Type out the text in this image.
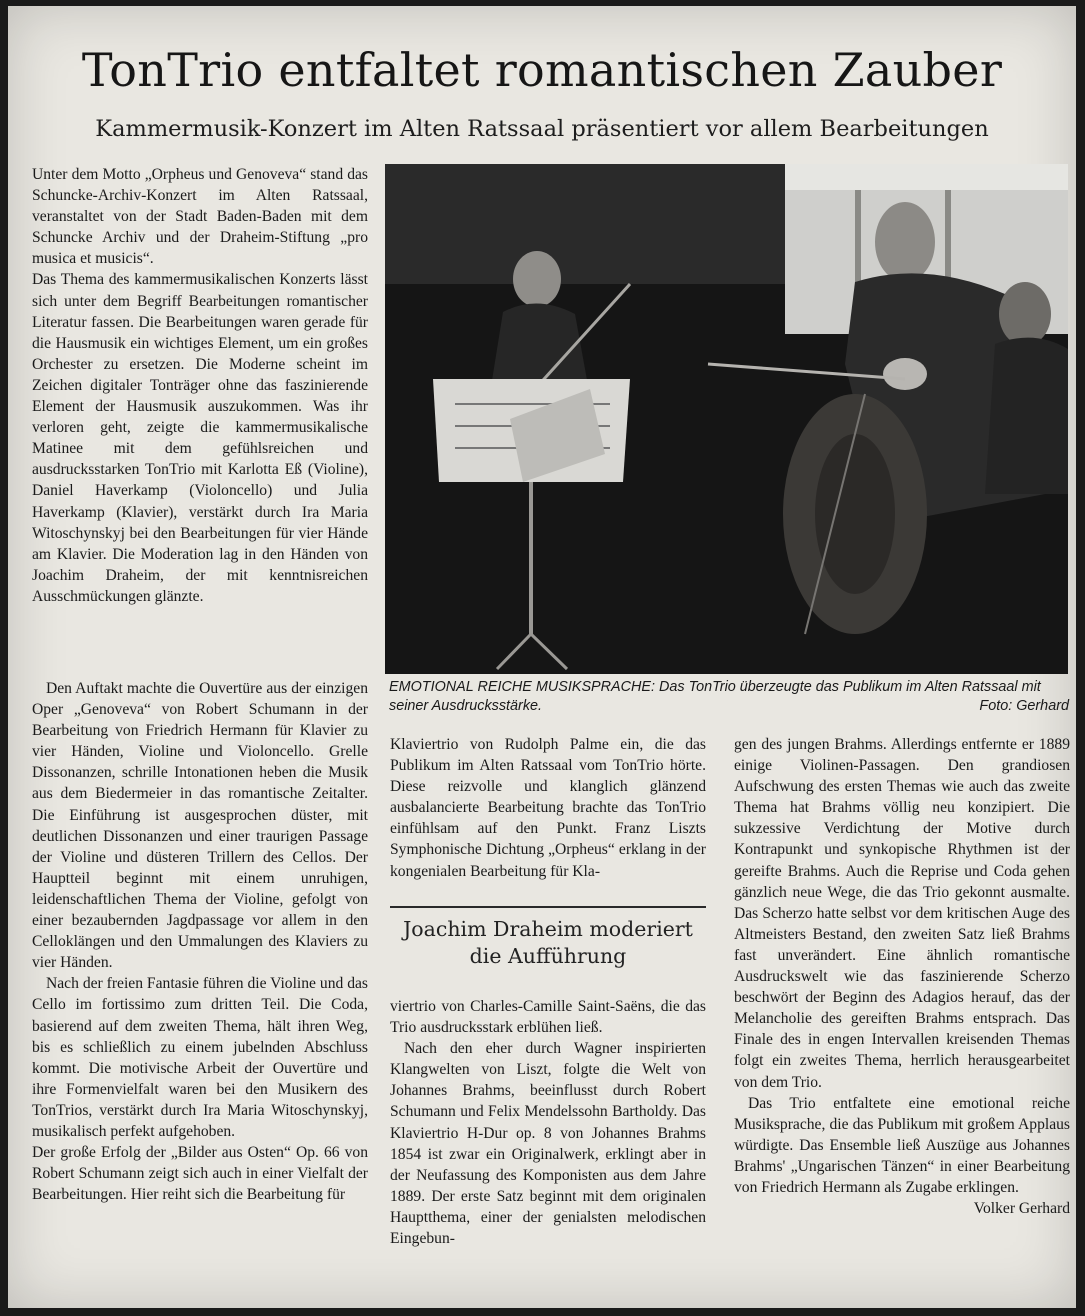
TonTrio entfaltet romantischen Zauber
Kammermusik-Konzert im Alten Ratssaal präsentiert vor allem Bearbeitungen

Unter dem Motto „Orpheus und Genoveva“ stand das Schuncke-Archiv-Konzert im Alten Ratssaal, veranstaltet von der Stadt Baden-Baden mit dem Schuncke Archiv und der Draheim-Stiftung „pro musica et musicis“.

Das Thema des kammermusikalischen Konzerts lässt sich unter dem Begriff Bearbeitungen romantischer Literatur fassen. Die Bearbeitungen waren gerade für die Hausmusik ein wichtiges Element, um ein großes Orchester zu ersetzen. Die Moderne scheint im Zeichen digitaler Tonträger ohne das faszinierende Element der Hausmusik auszukommen. Was ihr verloren geht, zeigte die kammermusikalische Matinee mit dem gefühlsreichen und ausdrucksstarken TonTrio mit Karlotta Eß (Violine), Daniel Haverkamp (Violoncello) und Julia Haverkamp (Klavier), verstärkt durch Ira Maria Witoschynskyj bei den Bearbeitungen für vier Hände am Klavier. Die Moderation lag in den Händen von Joachim Draheim, der mit kenntnisreichen Ausschmückungen glänzte.

Den Auftakt machte die Ouvertüre aus der einzigen Oper „Genoveva“ von Robert Schumann in der Bearbeitung von Friedrich Hermann für Klavier zu vier Händen, Violine und Violoncello. Grelle Dissonanzen, schrille Intonationen heben die Musik aus dem Biedermeier in das romantische Zeitalter. Die Einführung ist ausgesprochen düster, mit deutlichen Dissonanzen und einer traurigen Passage der Violine und düsteren Trillern des Cellos. Der Hauptteil beginnt mit einem unruhigen, leidenschaftlichen Thema der Violine, gefolgt von einer bezaubernden Jagdpassage vor allem in den Celloklängen und den Ummalungen des Klaviers zu vier Händen.

Nach der freien Fantasie führen die Violine und das Cello im fortissimo zum dritten Teil. Die Coda, basierend auf dem zweiten Thema, hält ihren Weg, bis es schließlich zu einem jubelnden Abschluss kommt. Die motivische Arbeit der Ouvertüre und ihre Formenvielfalt waren bei den Musikern des TonTrios, verstärkt durch Ira Maria Witoschynskyj, musikalisch perfekt aufgehoben.

Der große Erfolg der „Bilder aus Osten“ Op. 66 von Robert Schumann zeigt sich auch in einer Vielfalt der Bearbeitungen. Hier reiht sich die Bearbeitung für

EMOTIONAL REICHE MUSIKSPRACHE: Das TonTrio überzeugte das Publikum im Alten Ratssaal mit seiner Ausdrucksstärke.	Foto: Gerhard

Klaviertrio von Rudolph Palme ein, die das Publikum im Alten Ratssaal vom TonTrio hörte. Diese reizvolle und klanglich glänzend ausbalancierte Bearbeitung brachte das TonTrio einfühlsam auf den Punkt. Franz Liszts Symphonische Dichtung „Orpheus“ erklang in der kongenialen Bearbeitung für Kla-

Joachim Draheim moderiert die Aufführung

viertrio von Charles-Camille Saint-Saëns, die das Trio ausdrucksstark erblühen ließ.

Nach den eher durch Wagner inspirierten Klangwelten von Liszt, folgte die Welt von Johannes Brahms, beeinflusst durch Robert Schumann und Felix Mendelssohn Bartholdy. Das Klaviertrio H-Dur op. 8 von Johannes Brahms 1854 ist zwar ein Originalwerk, erklingt aber in der Neufassung des Komponisten aus dem Jahre 1889. Der erste Satz beginnt mit dem originalen Hauptthema, einer der genialsten melodischen Eingebun-

gen des jungen Brahms. Allerdings entfernte er 1889 einige Violinen-Passagen. Den grandiosen Aufschwung des ersten Themas wie auch das zweite Thema hat Brahms völlig neu konzipiert. Die sukzessive Verdichtung der Motive durch Kontrapunkt und synkopische Rhythmen ist der gereifte Brahms. Auch die Reprise und Coda gehen gänzlich neue Wege, die das Trio gekonnt ausmalte. Das Scherzo hatte selbst vor dem kritischen Auge des Altmeisters Bestand, den zweiten Satz ließ Brahms fast unverändert. Eine ähnlich romantische Ausdruckswelt wie das faszinierende Scherzo beschwört der Beginn des Adagios herauf, das der Melancholie des gereiften Brahms entsprach. Das Finale des in engen Intervallen kreisenden Themas folgt ein zweites Thema, herrlich herausgearbeitet von dem Trio.

Das Trio entfaltete eine emotional reiche Musiksprache, die das Publikum mit großem Applaus würdigte. Das Ensemble ließ Auszüge aus Johannes Brahms' „Ungarischen Tänzen“ in einer Bearbeitung von Friedrich Hermann als Zugabe erklingen.

Volker Gerhard
